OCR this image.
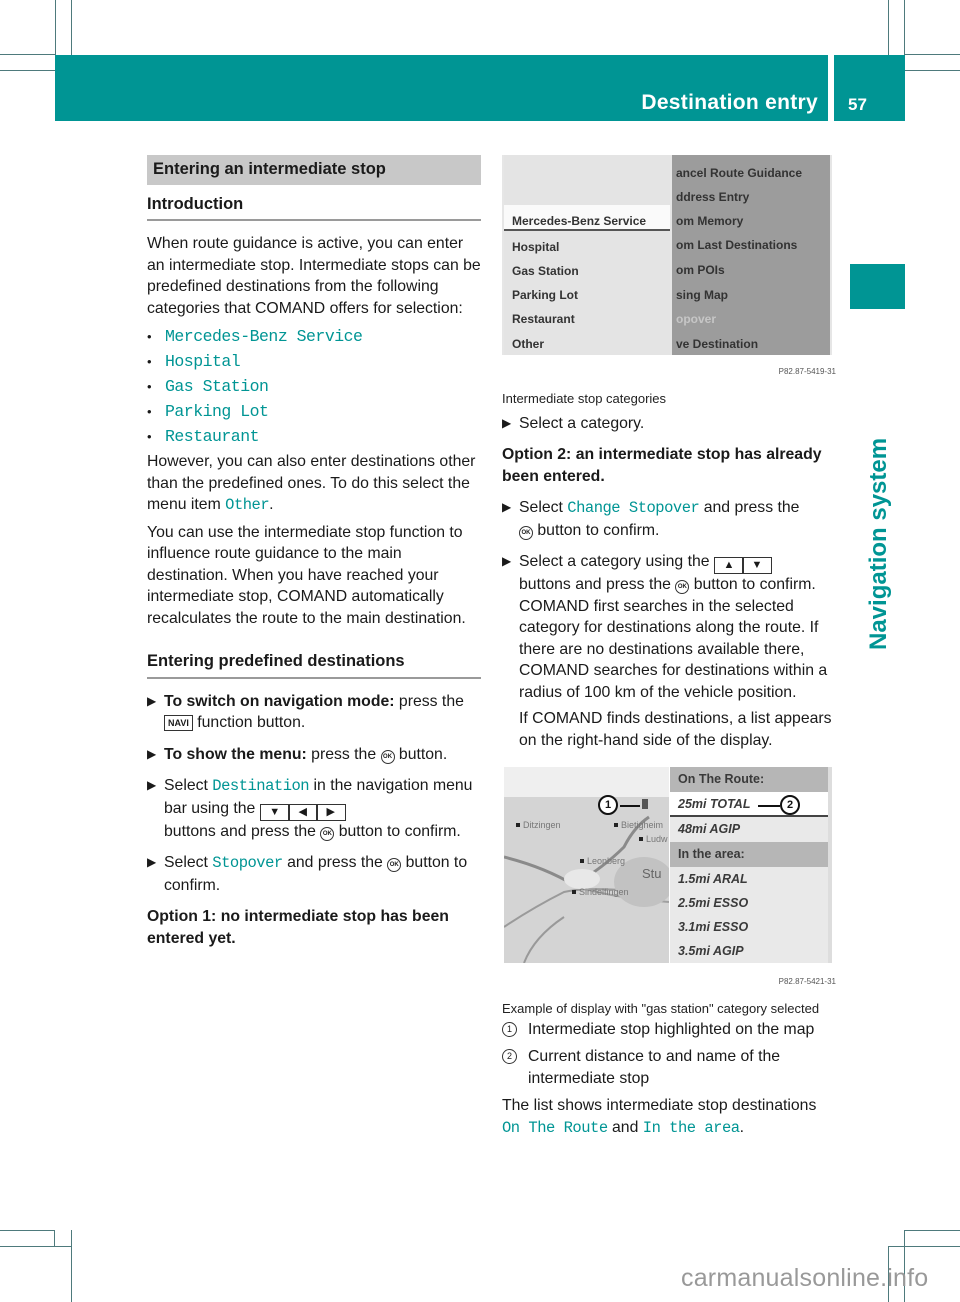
Destination entry 57
Navigation system
Entering an intermediate stop
Introduction

When route guidance is active, you can enter an intermediate stop. Intermediate stops can be predefined destinations from the following categories that COMAND offers for selection:

• Mercedes-Benz Service
• Hospital
• Gas Station
• Parking Lot
• Restaurant

However, you can also enter destinations other than the predefined ones. To do this select the menu item Other.

You can use the intermediate stop function to influence route guidance to the main destination. When you have reached your intermediate stop, COMAND automatically recalculates the route to the main destination.

Entering predefined destinations
▶ To switch on navigation mode: press the NAVI function button.
▶ To show the menu: press the OK button.
▶ Select Destination in the navigation menu bar using the ▼ ◀ ▶
buttons and press the OK button to confirm.
▶ Select Stopover and press the OK button to confirm.
Option 1: no intermediate stop has been entered yet.
Mercedes-Benz Service
Hospital
Gas Station
Parking Lot
Restaurant
Other
ancel Route Guidance
ddress Entry
om Memory
om Last Destinations
om POIs
sing Map
opover
ve Destination
P82.87-5419-31
Intermediate stop categories
▶ Select a category.
Option 2: an intermediate stop has already been entered.
▶ Select Change Stopover and press the
OK button to confirm.
▶ Select a category using the ▲ ▼
buttons and press the OK button to confirm.

COMAND first searches in the selected category for destinations along the route. If there are no destinations available there, COMAND searches for destinations within a radius of 100 km of the vehicle position.

If COMAND finds destinations, a list appears on the right-hand side of the display.

Ditzingen	Bietigheim
Ludw
Leonberg
Stu
Sindelfingen
1
On The Route:
25mi TOTAL
48mi AGIP
In the area:
1.5mi ARAL
2.5mi ESSO
3.1mi ESSO
3.5mi AGIP
2
P82.87-5421-31
Example of display with "gas station" category selected
1	Intermediate stop highlighted on the map
2	Current distance to and name of the intermediate stop

The list shows intermediate stop destinations On The Route and In the area.

carmanualsonline.info
